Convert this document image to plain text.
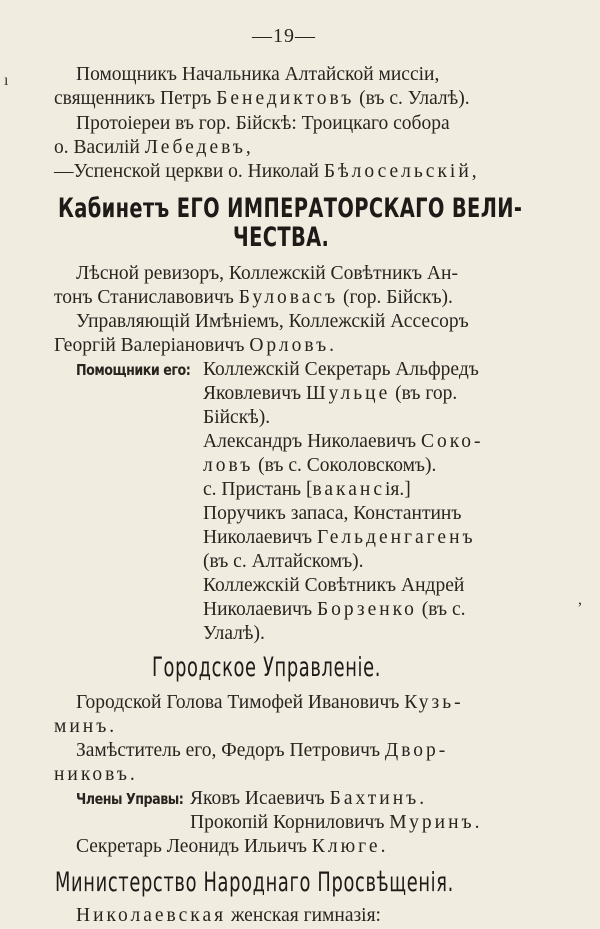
—19—
Помощникъ Начальника Алтайской миссіи,
священникъ Петръ Бенедиктовъ (въ с. Улалѣ).
Протоіереи въ гор. Бійскѣ: Троицкаго собора
о. Василій Лебедевъ,
—Успенской церкви о. Николай Бѣлосельскій,
Кабинетъ ЕГО ИМПЕРАТОРСКАГО ВЕЛИ-
ЧЕСТВА.
Лѣсной ревизоръ, Коллежскій Совѣтникъ Ан-
тонъ Станиславовичъ Буловасъ (гор. Бійскъ).
Управляющій Имѣніемъ, Коллежскій Ассесоръ
Георгій Валеріановичъ Орловъ.
Помощники его: Коллежскій Секретарь Альфредъ
Яковлевичъ Шульце (въ гор.
Бійскѣ).
Александръ Николаевичъ Соко-
ловъ (въ с. Соколовскомъ).
с. Пристань [вакансія.]
Поручикъ запаса, Константинъ
Николаевичъ Гельденгагенъ
(въ с. Алтайскомъ).
Коллежскій Совѣтникъ Андрей
Николаевичъ Борзенко (въ с.
Улалѣ).
Городское Управленіе.
Городской Голова Тимофей Ивановичъ Кузь-
минъ.
Замѣститель его, Федоръ Петровичъ Двор-
никовъ.
Члены Управы: Яковъ Исаевичъ Бахтинъ.
Прокопій Корниловичъ Муринъ.
Секретарь Леонидъ Ильичъ Клюге.
Министерство Народнаго Просвѣщенія.
Николаевская женская гимназія:
ı
,
